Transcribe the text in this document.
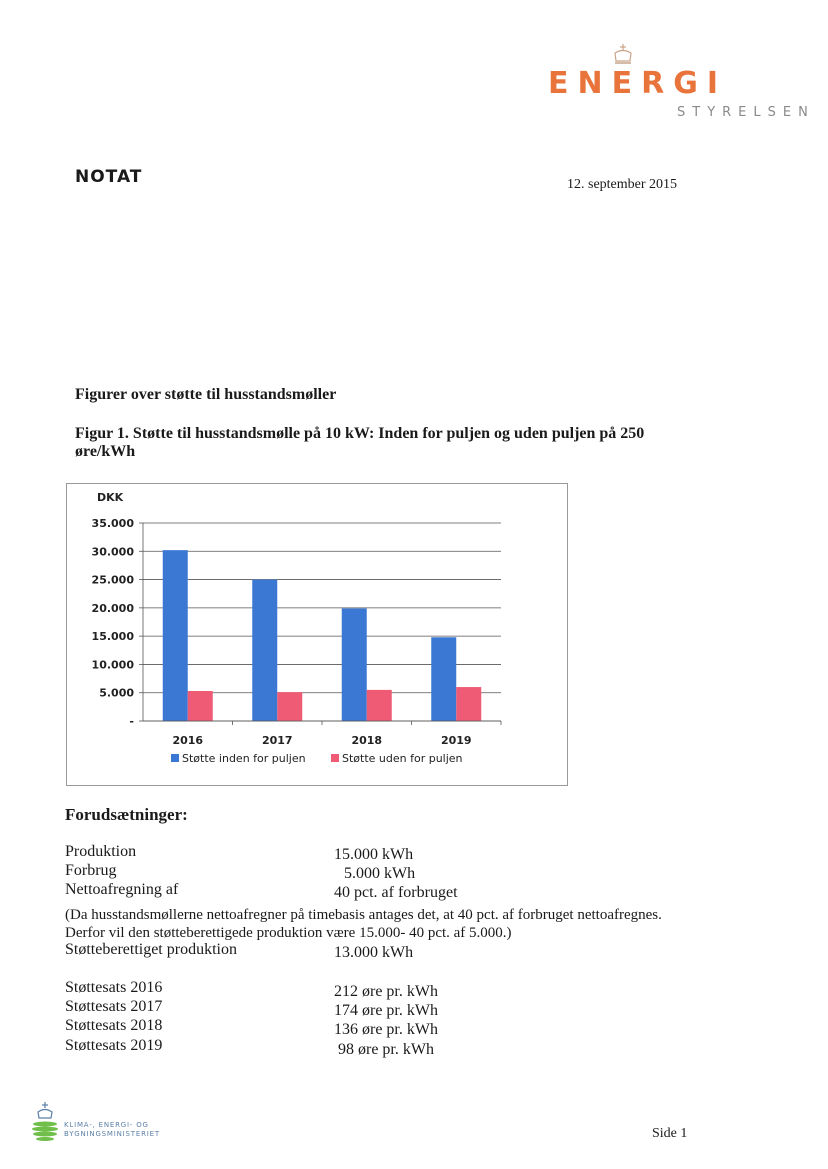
ENERGI
STYRELSEN
NOTAT	12. september 2015
Figurer over støtte til husstandsmøller
Figur 1. Støtte til husstandsmølle på 10 kW: Inden for puljen og uden puljen på 250 øre/kWh
DKK
-
5.000
10.000
15.000
20.000
25.000
30.000
35.000
2016	2017	2018	2019
Støtte inden for puljen	Støtte uden for puljen
Forudsætninger:
Produktion	15.000 kWh
Forbrug	5.000 kWh
Nettoafregning af	40 pct. af forbruget
(Da husstandsmøllerne nettoafregner på timebasis antages det, at 40 pct. af forbruget nettoafregnes. Derfor vil den støtteberettigede produktion være 15.000- 40 pct. af 5.000.)
Støtteberettiget produktion	13.000 kWh
Støttesats 2016	212 øre pr. kWh
Støttesats 2017	174 øre pr. kWh
Støttesats 2018	136 øre pr. kWh
Støttesats 2019	98 øre pr. kWh
KLIMA-, ENERGI- OG
BYGNINGSMINISTERIET	Side 1
